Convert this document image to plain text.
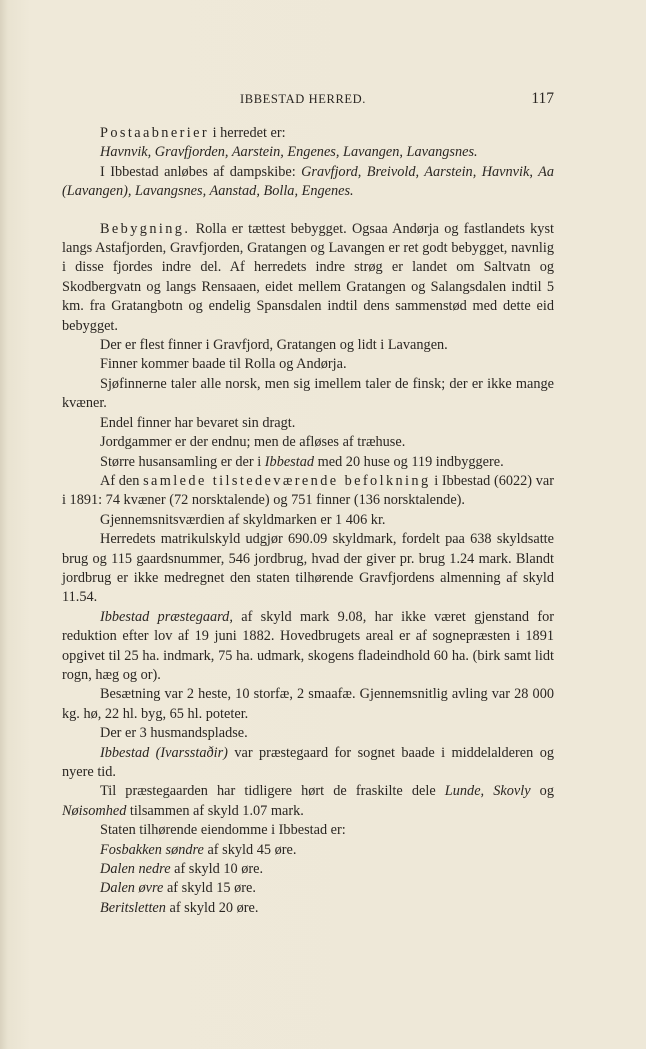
IBBESTAD HERRED.	117

Postaabnerier i herredet er:

Havnvik, Gravfjorden, Aarstein, Engenes, Lavangen, Lavangsnes.

I Ibbestad anløbes af dampskibe: Gravfjord, Breivold, Aarstein, Havnvik, Aa (Lavangen), Lavangsnes, Aanstad, Bolla, Engenes.

Bebygning. Rolla er tættest bebygget. Ogsaa Andørja og fastlandets kyst langs Astafjorden, Gravfjorden, Gratangen og Lavangen er ret godt bebygget, navnlig i disse fjordes indre del. Af herredets indre strøg er landet om Saltvatn og Skodbergvatn og langs Rensaaen, eidet mellem Gratangen og Salangsdalen indtil 5 km. fra Gratangbotn og endelig Spansdalen indtil dens sammenstød med dette eid bebygget.

Der er flest finner i Gravfjord, Gratangen og lidt i Lavangen.

Finner kommer baade til Rolla og Andørja.

Sjøfinnerne taler alle norsk, men sig imellem taler de finsk; der er ikke mange kvæner.

Endel finner har bevaret sin dragt.

Jordgammer er der endnu; men de afløses af træhuse.

Større husansamling er der i Ibbestad med 20 huse og 119 indbyggere.

Af den samlede tilstedeværende befolkning i Ibbestad (6022) var i 1891: 74 kvæner (72 norsktalende) og 751 finner (136 norsktalende).

Gjennemsnitsværdien af skyldmarken er 1 406 kr.

Herredets matrikulskyld udgjør 690.09 skyldmark, fordelt paa 638 skyldsatte brug og 115 gaardsnummer, 546 jordbrug, hvad der giver pr. brug 1.24 mark. Blandt jordbrug er ikke medregnet den staten tilhørende Gravfjordens almenning af skyld 11.54.

Ibbestad præstegaard, af skyld mark 9.08, har ikke været gjenstand for reduktion efter lov af 19 juni 1882. Hovedbrugets areal er af sognepræsten i 1891 opgivet til 25 ha. indmark, 75 ha. udmark, skogens fladeindhold 60 ha. (birk samt lidt rogn, hæg og or).

Besætning var 2 heste, 10 storfæ, 2 smaafæ. Gjennemsnitlig avling var 28 000 kg. hø, 22 hl. byg, 65 hl. poteter.

Der er 3 husmandspladse.

Ibbestad (Ivarsstaðir) var præstegaard for sognet baade i middelalderen og nyere tid.

Til præstegaarden har tidligere hørt de fraskilte dele Lunde, Skovly og Nøisomhed tilsammen af skyld 1.07 mark.

Staten tilhørende eiendomme i Ibbestad er:

Fosbakken søndre af skyld 45 øre.

Dalen nedre af skyld 10 øre.

Dalen øvre af skyld 15 øre.

Beritsletten af skyld 20 øre.
